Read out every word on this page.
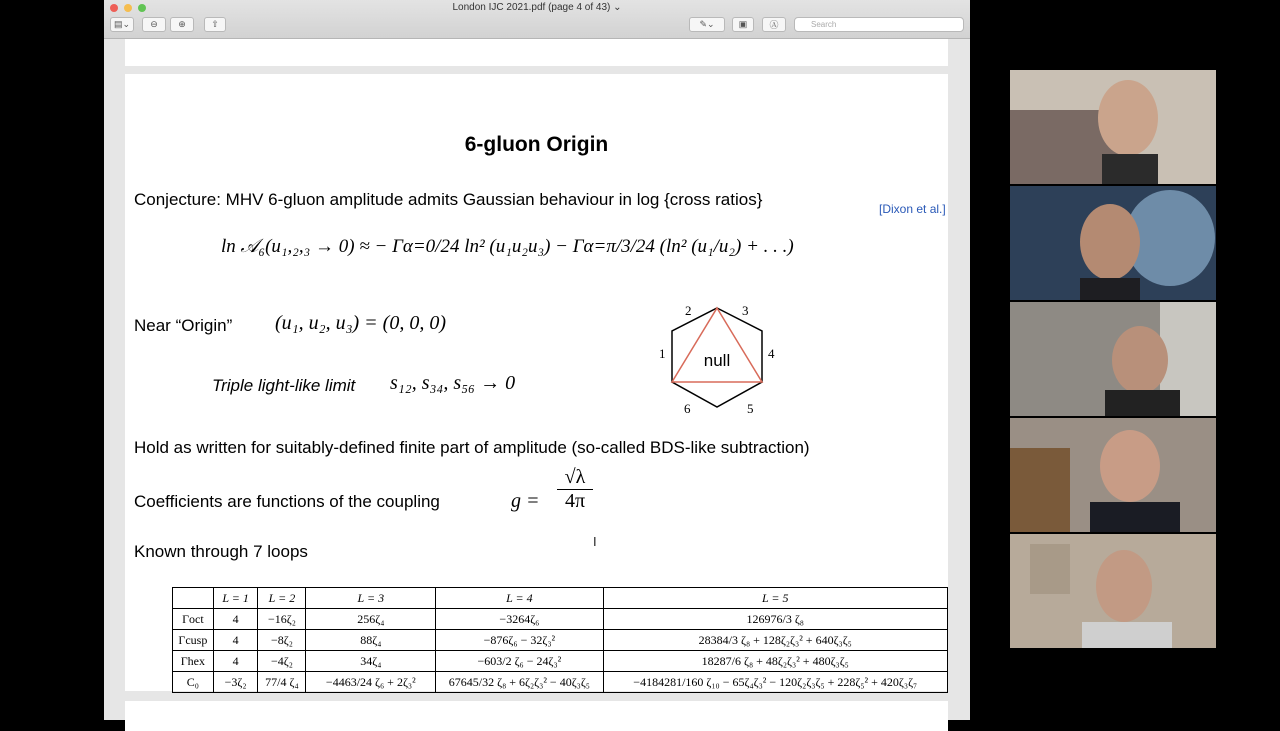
London IJC 2021.pdf (page 4 of 43) ⌄
▤⌄ ⊖ ⊕	⇧	✎⌄	▣ Ⓐ	Search
6-gluon Origin
Conjecture: MHV 6-gluon amplitude admits Gaussian behaviour in log {cross ratios}	[Dixon et al.]
ln 𝒜₆(u₁,₂,₃ → 0) ≈ − Γα=0/24 ln² (u₁u₂u₃) − Γα=π/3/24 (ln² (u₁/u₂) + . . .)
Near “Origin” (u₁, u₂, u₃) = (0, 0, 0)
Triple light-like limit s₁₂, s₃₄, s₅₆ → 0
null
1
2	3
4
5
6
Hold as written for suitably-defined finite part of amplitude (so-called BDS-like subtraction)
Coefficients are functions of the coupling	$g = \frac{√\lambda}{4\pi}$
Known through 7 loops
	L = 1	L = 2	L = 3	L = 4	L = 5
Γoct	4	−16ζ₂	256ζ₄	−3264ζ₆	126976/3 ζ₈
Γcusp	4	−8ζ₂	88ζ₄	−876ζ₆ − 32ζ₃²	28384/3 ζ₈ + 128ζ₂ζ₃² + 640ζ₃ζ₅
Γhex	4	−4ζ₂	34ζ₄	−603/2 ζ₆ − 24ζ₃²	18287/6 ζ₈ + 48ζ₂ζ₃² + 480ζ₃ζ₅
C₀	−3ζ₂	77/4 ζ₄	−4463/24 ζ₆ + 2ζ₃²	67645/32 ζ₈ + 6ζ₂ζ₃² − 40ζ₃ζ₅	−4184281/160 ζ₁₀ − 65ζ₄ζ₃² − 120ζ₂ζ₃ζ₅ + 228ζ₅² + 420ζ₃ζ₇
I
